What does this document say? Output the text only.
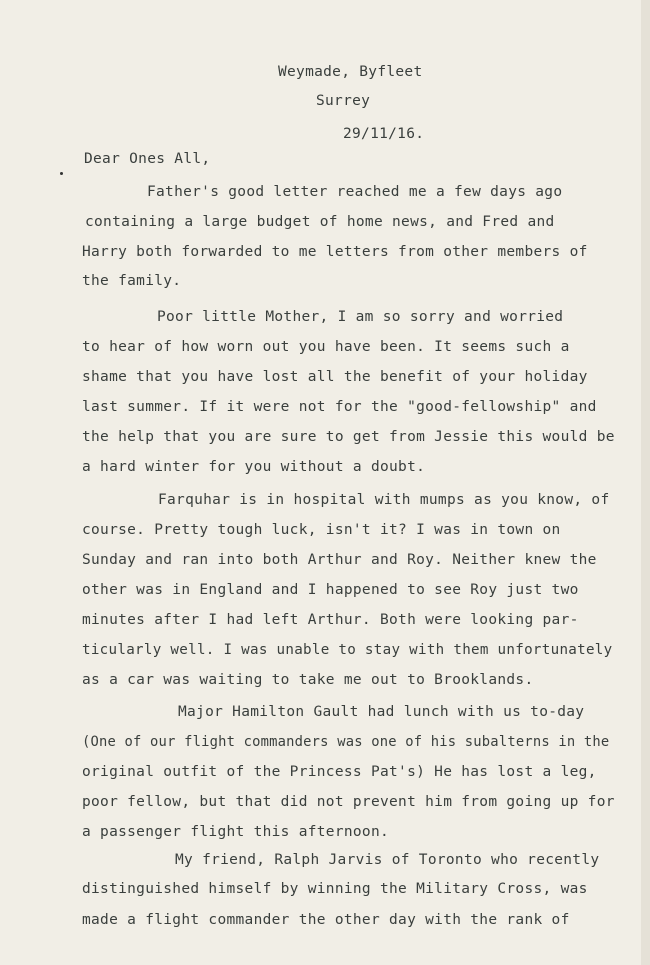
Weymade, Byfleet
Surrey
29/11/16.
Dear Ones All,
Father's good letter reached me a few days ago
containing a large budget of home news, and Fred and
Harry both forwarded to me letters from other members of
the family.
Poor little Mother, I am so sorry and worried
to hear of how worn out you have been. It seems such a
shame that you have lost all the benefit of your holiday
last summer. If it were not for the "good-fellowship" and
the help that you are sure to get from Jessie this would be
a hard winter for you without a doubt.
Farquhar is in hospital with mumps as you know, of
course. Pretty tough luck, isn't it? I was in town on
Sunday and ran into both Arthur and Roy. Neither knew the
other was in England and I happened to see Roy just two
minutes after I had left Arthur. Both were looking par-
ticularly well. I was unable to stay with them unfortunately
as a car was waiting to take me out to Brooklands.
Major Hamilton Gault had lunch with us to-day
(One of our flight commanders was one of his subalterns in the
original outfit of the Princess Pat's) He has lost a leg,
poor fellow, but that did not prevent him from going up for
a passenger flight this afternoon.
My friend, Ralph Jarvis of Toronto who recently
distinguished himself by winning the Military Cross, was
made a flight commander the other day with the rank of
